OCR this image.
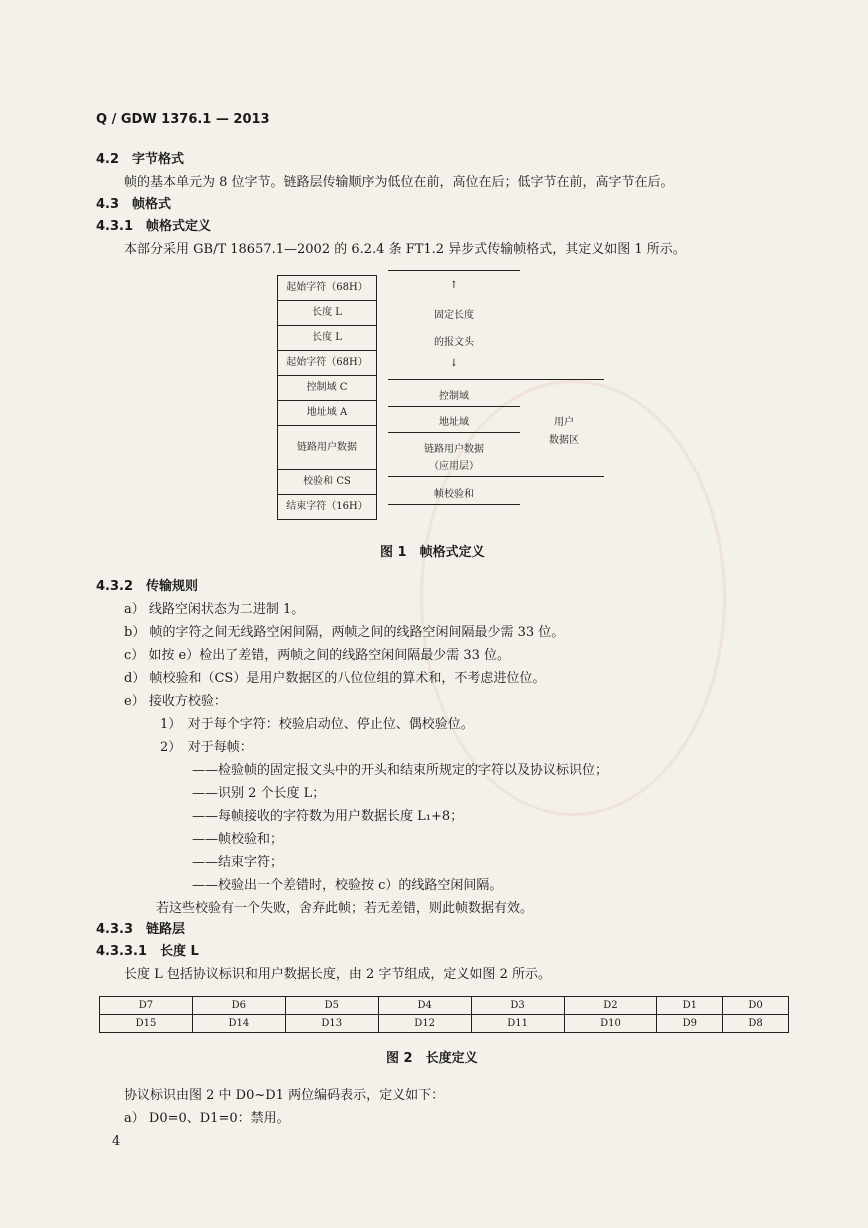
Q / GDW 1376.1 — 2013
4.2　字节格式
帧的基本单元为 8 位字节。链路层传输顺序为低位在前，高位在后；低字节在前，高字节在后。
4.3　帧格式
4.3.1　帧格式定义
本部分采用 GB/T 18657.1—2002 的 6.2.4 条 FT1.2 异步式传输帧格式，其定义如图 1 所示。
起始字符（68H）
长度 L
长度 L
起始字符（68H）
控制域 C
地址域 A
链路用户数据
校验和 CS
结束字符（16H）
↑
固定长度
的报文头
↓
控制域
地址域
链路用户数据
（应用层）
用户
数据区
帧校验和
图 1　帧格式定义
4.3.2　传输规则
a） 线路空闲状态为二进制 1。
b） 帧的字符之间无线路空闲间隔，两帧之间的线路空闲间隔最少需 33 位。
c） 如按 e）检出了差错，两帧之间的线路空闲间隔最少需 33 位。
d） 帧校验和（CS）是用户数据区的八位位组的算术和，不考虑进位位。
e） 接收方校验：
1）　 对于每个字符：校验启动位、停止位、偶校验位。
2）　 对于每帧：
——检验帧的固定报文头中的开头和结束所规定的字符以及协议标识位；
——识别 2 个长度 L；
——每帧接收的字符数为用户数据长度 L₁+8；
——帧校验和；
——结束字符；
——校验出一个差错时，校验按 c）的线路空闲间隔。
若这些校验有一个失败，舍弃此帧；若无差错，则此帧数据有效。
4.3.3　链路层
4.3.3.1　长度 L
长度 L 包括协议标识和用户数据长度，由 2 字节组成，定义如图 2 所示。
D7	D6	D5	D4	D3	D2	D1	D0
D15	D14	D13	D12	D11	D10	D9	D8
图 2　长度定义
协议标识由图 2 中 D0~D1 两位编码表示，定义如下：
a） D0=0、D1=0：禁用。
4
